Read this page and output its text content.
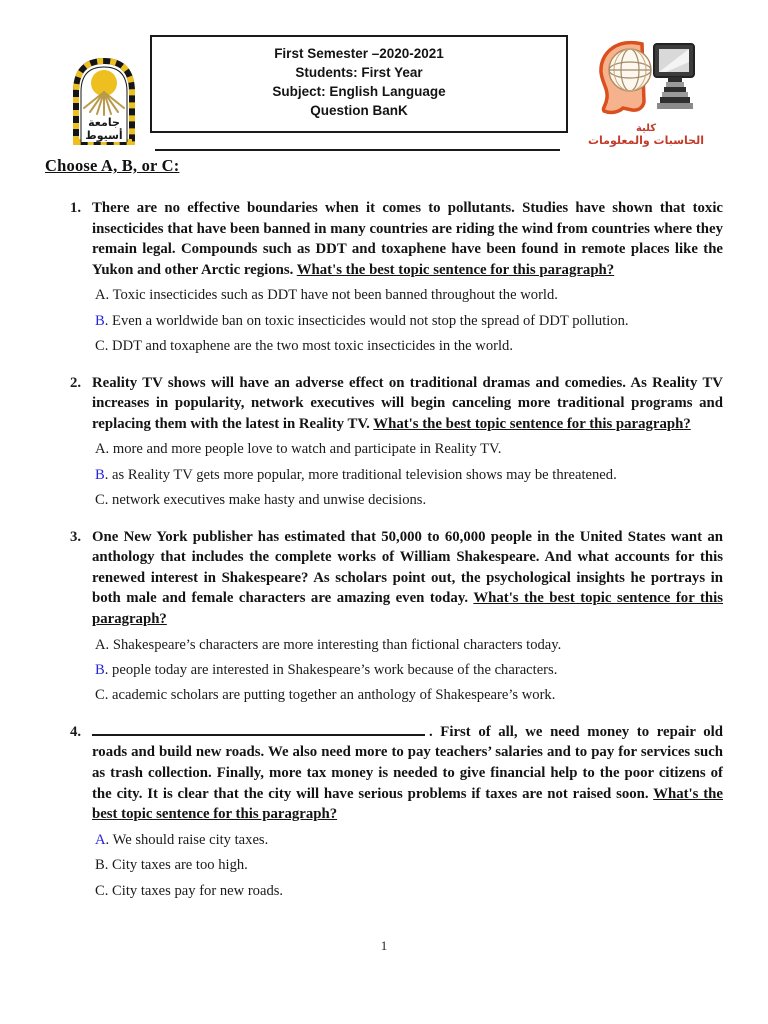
جامعة
أسيوط
First Semester –2020-2021
Students: First Year
Subject: English Language
Question BanK
كلية
الحاسبات والمعلومات
Choose A, B, or C:
1. There are no effective boundaries when it comes to pollutants. Studies have shown that toxic insecticides that have been banned in many countries are riding the wind from countries where they remain legal. Compounds such as DDT and toxaphene have been found in remote places like the Yukon and other Arctic regions. What's the best topic sentence for this paragraph?

A. Toxic insecticides such as DDT have not been banned throughout the world.

B. Even a worldwide ban on toxic insecticides would not stop the spread of DDT pollution.

C. DDT and toxaphene are the two most toxic insecticides in the world.

2. Reality TV shows will have an adverse effect on traditional dramas and comedies. As Reality TV increases in popularity, network executives will begin canceling more traditional programs and replacing them with the latest in Reality TV. What's the best topic sentence for this paragraph?

A. more and more people love to watch and participate in Reality TV.

B. as Reality TV gets more popular, more traditional television shows may be threatened.

C. network executives make hasty and unwise decisions.

3. One New York publisher has estimated that 50,000 to 60,000 people in the United States want an anthology that includes the complete works of William Shakespeare. And what accounts for this renewed interest in Shakespeare? As scholars point out, the psychological insights he portrays in both male and female characters are amazing even today. What's the best topic sentence for this paragraph?

A. Shakespeare’s characters are more interesting than fictional characters today.

B. people today are interested in Shakespeare’s work because of the characters.

C. academic scholars are putting together an anthology of Shakespeare’s work.

4.	. First of all, we need money to repair old roads and build new roads. We also need more to pay teachers’ salaries and to pay for services such as trash collection. Finally, more tax money is needed to give financial help to the poor citizens of the city. It is clear that the city will have serious problems if taxes are not raised soon. What's the best topic sentence for this paragraph?

A. We should raise city taxes.

B. City taxes are too high.

C. City taxes pay for new roads.

1
